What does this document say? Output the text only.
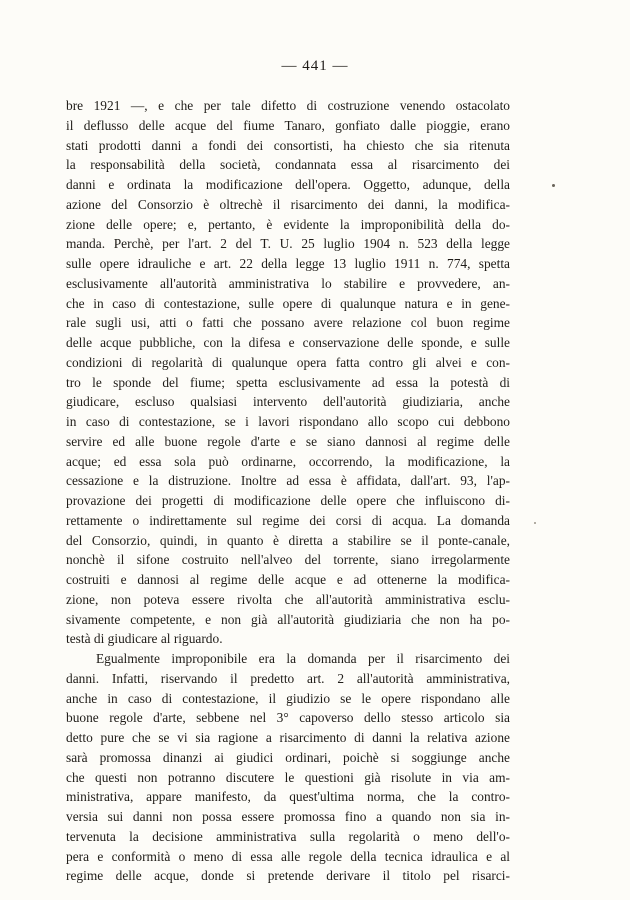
— 441 —
bre 1921 —, e che per tale difetto di costruzione venendo ostacolato
il deflusso delle acque del fiume Tanaro, gonfiato dalle pioggie, erano
stati prodotti danni a fondi dei consortisti, ha chiesto che sia ritenuta
la responsabilità della società, condannata essa al risarcimento dei
danni e ordinata la modificazione dell'opera. Oggetto, adunque, della
azione del Consorzio è oltrechè il risarcimento dei danni, la modifica-
zione delle opere; e, pertanto, è evidente la improponibilità della do-
manda. Perchè, per l'art. 2 del T. U. 25 luglio 1904 n. 523 della legge
sulle opere idrauliche e art. 22 della legge 13 luglio 1911 n. 774, spetta
esclusivamente all'autorità amministrativa lo stabilire e provvedere, an-
che in caso di contestazione, sulle opere di qualunque natura e in gene-
rale sugli usi, atti o fatti che possano avere relazione col buon regime
delle acque pubbliche, con la difesa e conservazione delle sponde, e sulle
condizioni di regolarità di qualunque opera fatta contro gli alvei e con-
tro le sponde del fiume; spetta esclusivamente ad essa la potestà di
giudicare, escluso qualsiasi intervento dell'autorità giudiziaria, anche
in caso di contestazione, se i lavori rispondano allo scopo cui debbono
servire ed alle buone regole d'arte e se siano dannosi al regime delle
acque; ed essa sola può ordinarne, occorrendo, la modificazione, la
cessazione e la distruzione. Inoltre ad essa è affidata, dall'art. 93, l'ap-
provazione dei progetti di modificazione delle opere che influiscono di-
rettamente o indirettamente sul regime dei corsi di acqua. La domanda
del Consorzio, quindi, in quanto è diretta a stabilire se il ponte-canale,
nonchè il sifone costruito nell'alveo del torrente, siano irregolarmente
costruiti e dannosi al regime delle acque e ad ottenerne la modifica-
zione, non poteva essere rivolta che all'autorità amministrativa esclu-
sivamente competente, e non già all'autorità giudiziaria che non ha po-
testà di giudicare al riguardo.
Egualmente improponibile era la domanda per il risarcimento dei
danni. Infatti, riservando il predetto art. 2 all'autorità amministrativa,
anche in caso di contestazione, il giudizio se le opere rispondano alle
buone regole d'arte, sebbene nel 3° capoverso dello stesso articolo sia
detto pure che se vi sia ragione a risarcimento di danni la relativa azione
sarà promossa dinanzi ai giudici ordinari, poichè si soggiunge anche
che questi non potranno discutere le questioni già risolute in via am-
ministrativa, appare manifesto, da quest'ultima norma, che la contro-
versia sui danni non possa essere promossa fino a quando non sia in-
tervenuta la decisione amministrativa sulla regolarità o meno dell'o-
pera e conformità o meno di essa alle regole della tecnica idraulica e al
regime delle acque, donde si pretende derivare il titolo pel risarci-
